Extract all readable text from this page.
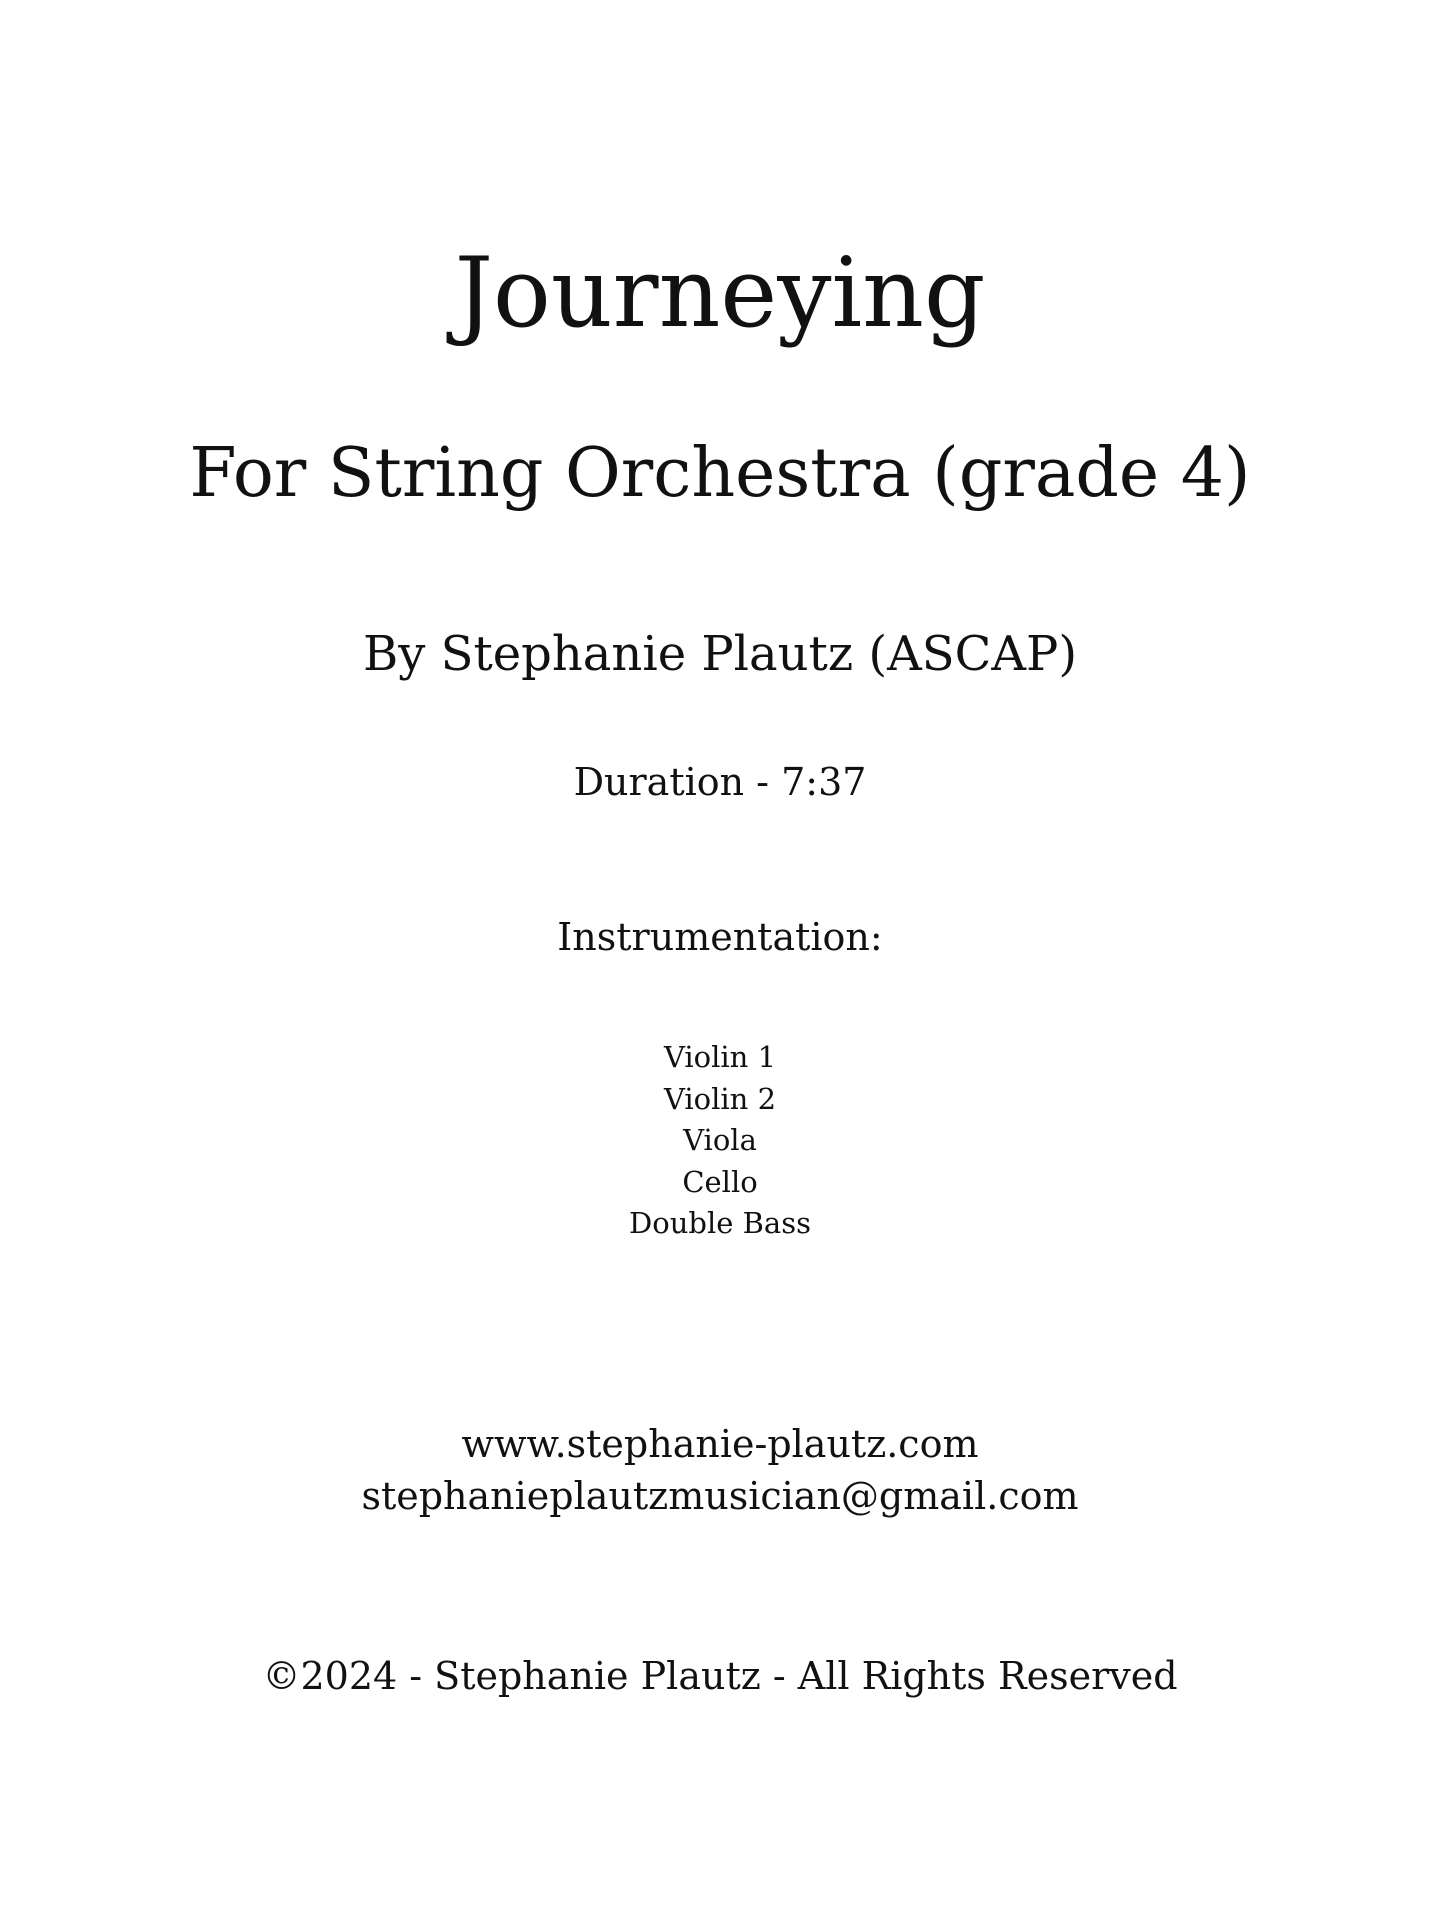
Journeying
For String Orchestra (grade 4)
By Stephanie Plautz (ASCAP)
Duration - 7:37
Instrumentation:
Violin 1
Violin 2
Viola
Cello
Double Bass
www.stephanie-plautz.com
stephanieplautzmusician@gmail.com
©2024 - Stephanie Plautz - All Rights Reserved
